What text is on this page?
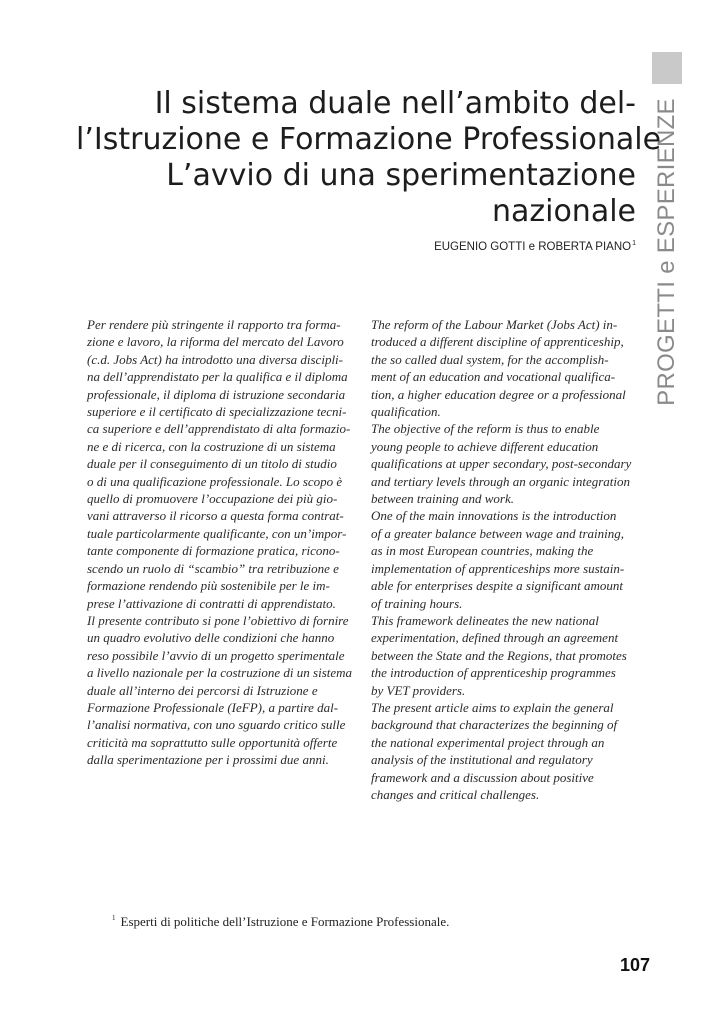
PROGETTI e ESPERIENZE
Il sistema duale nell’ambito del-
l’Istruzione e Formazione Professionale
L’avvio di una sperimentazione
nazionale
EUGENIO GOTTI e ROBERTA PIANO$^1$
Per rendere più stringente il rapporto tra forma-
zione e lavoro, la riforma del mercato del Lavoro
(c.d. Jobs Act) ha introdotto una diversa discipli-
na dell’apprendistato per la qualifica e il diploma
professionale, il diploma di istruzione secondaria
superiore e il certificato di specializzazione tecni-
ca superiore e dell’apprendistato di alta formazio-
ne e di ricerca, con la costruzione di un sistema
duale per il conseguimento di un titolo di studio
o di una qualificazione professionale. Lo scopo è
quello di promuovere l’occupazione dei più gio-
vani attraverso il ricorso a questa forma contrat-
tuale particolarmente qualificante, con un’impor-
tante componente di formazione pratica, ricono-
scendo un ruolo di “scambio” tra retribuzione e
formazione rendendo più sostenibile per le im-
prese l’attivazione di contratti di apprendistato.
Il presente contributo si pone l’obiettivo di fornire
un quadro evolutivo delle condizioni che hanno
reso possibile l’avvio di un progetto sperimentale
a livello nazionale per la costruzione di un sistema
duale all’interno dei percorsi di Istruzione e
Formazione Professionale (IeFP), a partire dal-
l’analisi normativa, con uno sguardo critico sulle
criticità ma soprattutto sulle opportunità offerte
dalla sperimentazione per i prossimi due anni.
The reform of the Labour Market (Jobs Act) in-
troduced a different discipline of apprenticeship,
the so called dual system, for the accomplish-
ment of an education and vocational qualifica-
tion, a higher education degree or a professional
qualification.
The objective of the reform is thus to enable
young people to achieve different education
qualifications at upper secondary, post-secondary
and tertiary levels through an organic integration
between training and work.
One of the main innovations is the introduction
of a greater balance between wage and training,
as in most European countries, making the
implementation of apprenticeships more sustain-
able for enterprises despite a significant amount
of training hours.
This framework delineates the new national
experimentation, defined through an agreement
between the State and the Regions, that promotes
the introduction of apprenticeship programmes
by VET providers.
The present article aims to explain the general
background that characterizes the beginning of
the national experimental project through an
analysis of the institutional and regulatory
framework and a discussion about positive
changes and critical challenges.
$^1$ Esperti di politiche dell’Istruzione e Formazione Professionale.
107
